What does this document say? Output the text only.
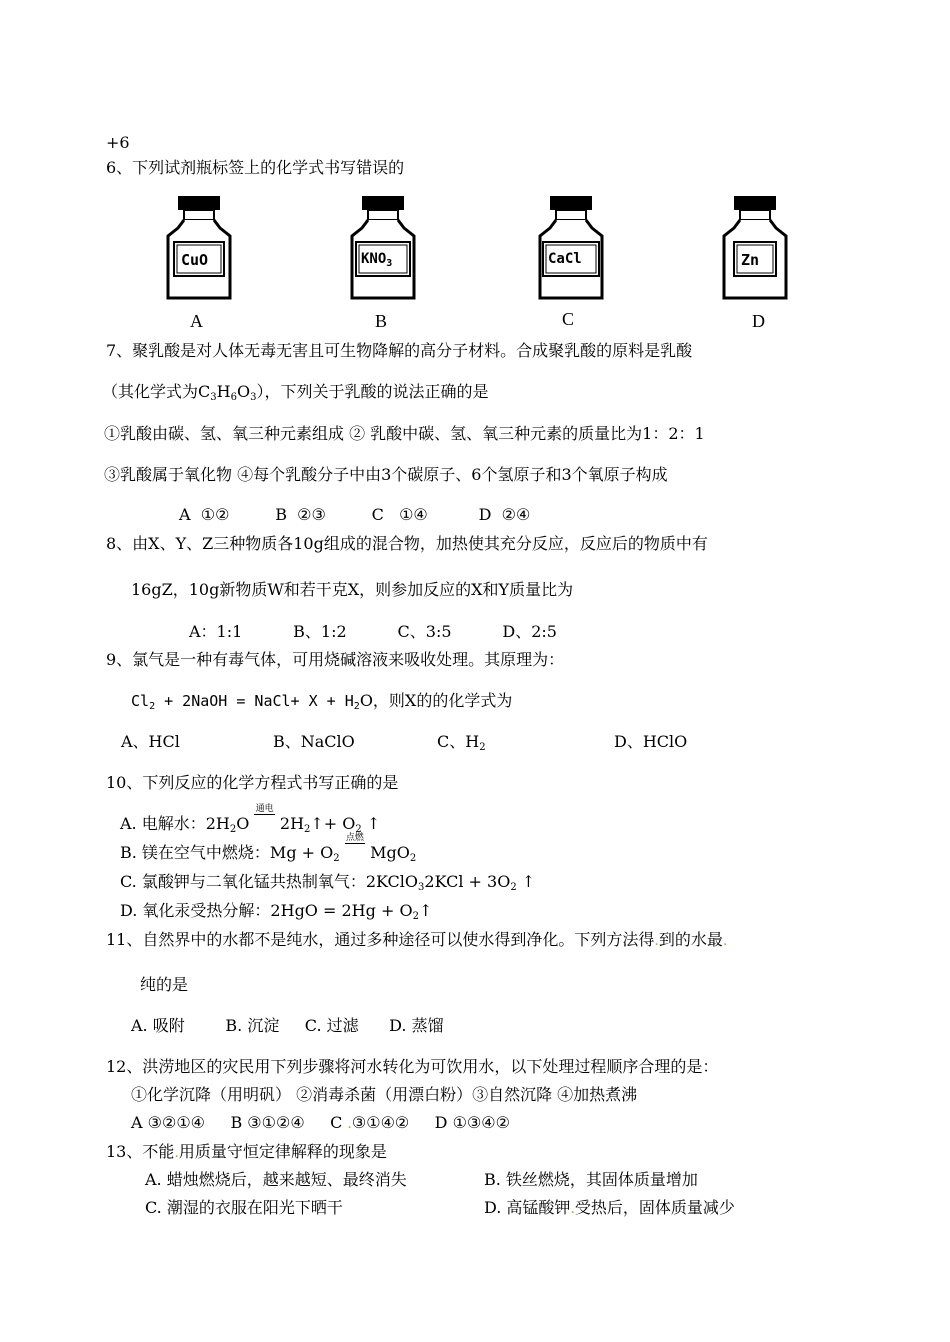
+6
6、下列试剂瓶标签上的化学式书写错误的
CuO
A
$KNO_3$
B
CaCl
C
Zn
D
7、聚乳酸是对人体无毒无害且可生物降解的高分子材料。合成聚乳酸的原料是乳酸
（其化学式为$C_3H_6O_3$），下列关于乳酸的说法正确的是
①乳酸由碳、氢、氧三种元素组成 ② 乳酸中碳、氢、氧三种元素的质量比为1：2：1
③乳酸属于氧化物 ④每个乳酸分子中由3个碳原子、6个氢原子和3个氧原子构成
A  ①②         B  ②③         C   ①④          D  ②④
8、由X、Y、Z三种物质各10g组成的混合物，加热使其充分反应，反应后的物质中有
16gZ，10g新物质W和若干克X，则参加反应的X和Y质量比为
A：1:1          B、1:2          C、3:5          D、2:5
9、氯气是一种有毒气体，可用烧碱溶液来吸收处理。其原理为：
$Cl_2$ + 2NaOH = NaCl+ $X + H_2O$，则X的的化学式为
A、HCl	B、NaClO	C、$H_2$	D、HClO
10、下列反应的化学方程式书写正确的是
A. 电解水：$2H_2O$
通电
$2H_2↑+ O_2$ ↑
B. 镁在空气中燃烧：$Mg + O_2$
点燃
MgO$_2$
C. 氯酸钾与二氧化锰共热制氧气：2KClO$_3$2KCl + $3O_2$ ↑
D. 氧化汞受热分解：$2HgO = 2Hg + O_2↑$
11、自然界中的水都不是纯水，通过多种途径可以使水得到净化。下列方法得.到的水最.
纯的是
A. 吸附        B. 沉淀     C. 过滤      D. 蒸馏
12、洪涝地区的灾民用下列步骤将河水转化为可饮用水，以下处理过程顺序合理的是：
①化学沉降（用明矾） ②消毒杀菌（用漂白粉）③自然沉降 ④加热煮沸
A ③②①④     B ③①②④     C .③①④②     D ①③④②
13、不能.用质量守恒定律解释的现象是
A. 蜡烛燃烧后，越来越短、最终消失	B. 铁丝燃烧，其固体质量增加
C. 潮湿的衣服在阳光下晒干	D. 高锰酸钾.受热后，固体质量减少
